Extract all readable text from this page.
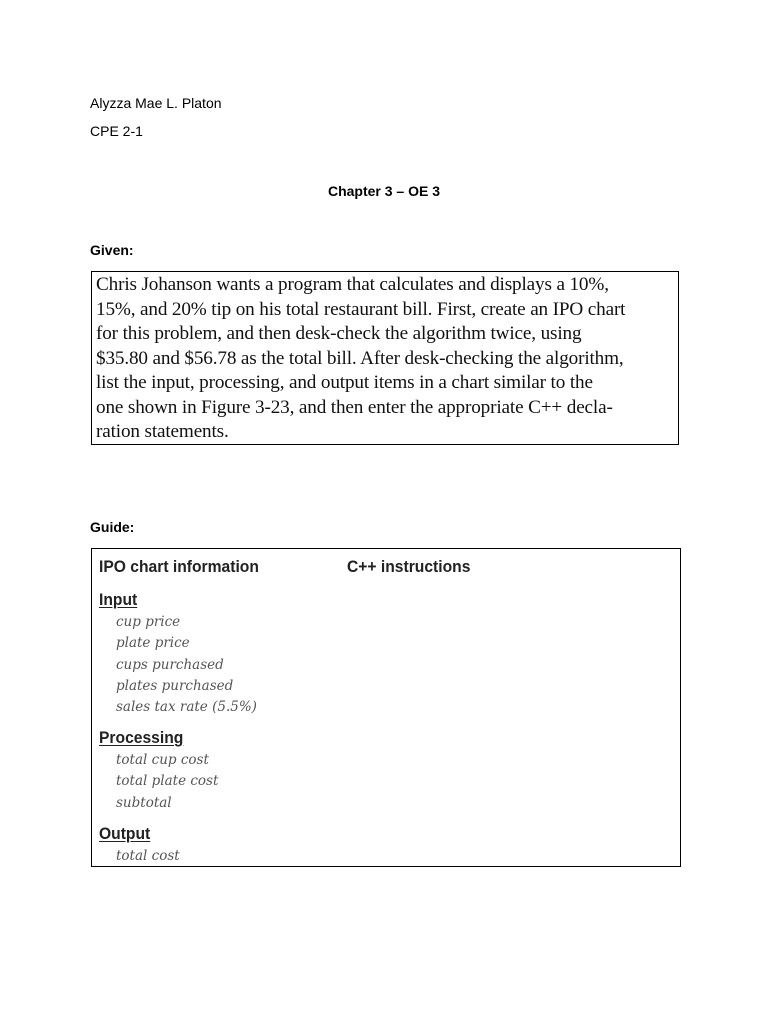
Alyzza Mae L. Platon
CPE 2-1
Chapter 3 – OE 3
Given:
Chris Johanson wants a program that calculates and displays a 10%,
15%, and 20% tip on his total restaurant bill. First, create an IPO chart
for this problem, and then desk-check the algorithm twice, using
$35.80 and $56.78 as the total bill. After desk-checking the algorithm,
list the input, processing, and output items in a chart similar to the
one shown in Figure 3-23, and then enter the appropriate C++ decla-
ration statements.
Guide:
IPO chart information	C++ instructions
Input
cup price
plate price
cups purchased
plates purchased
sales tax rate (5.5%)
Processing
total cup cost
total plate cost
subtotal
Output
total cost
